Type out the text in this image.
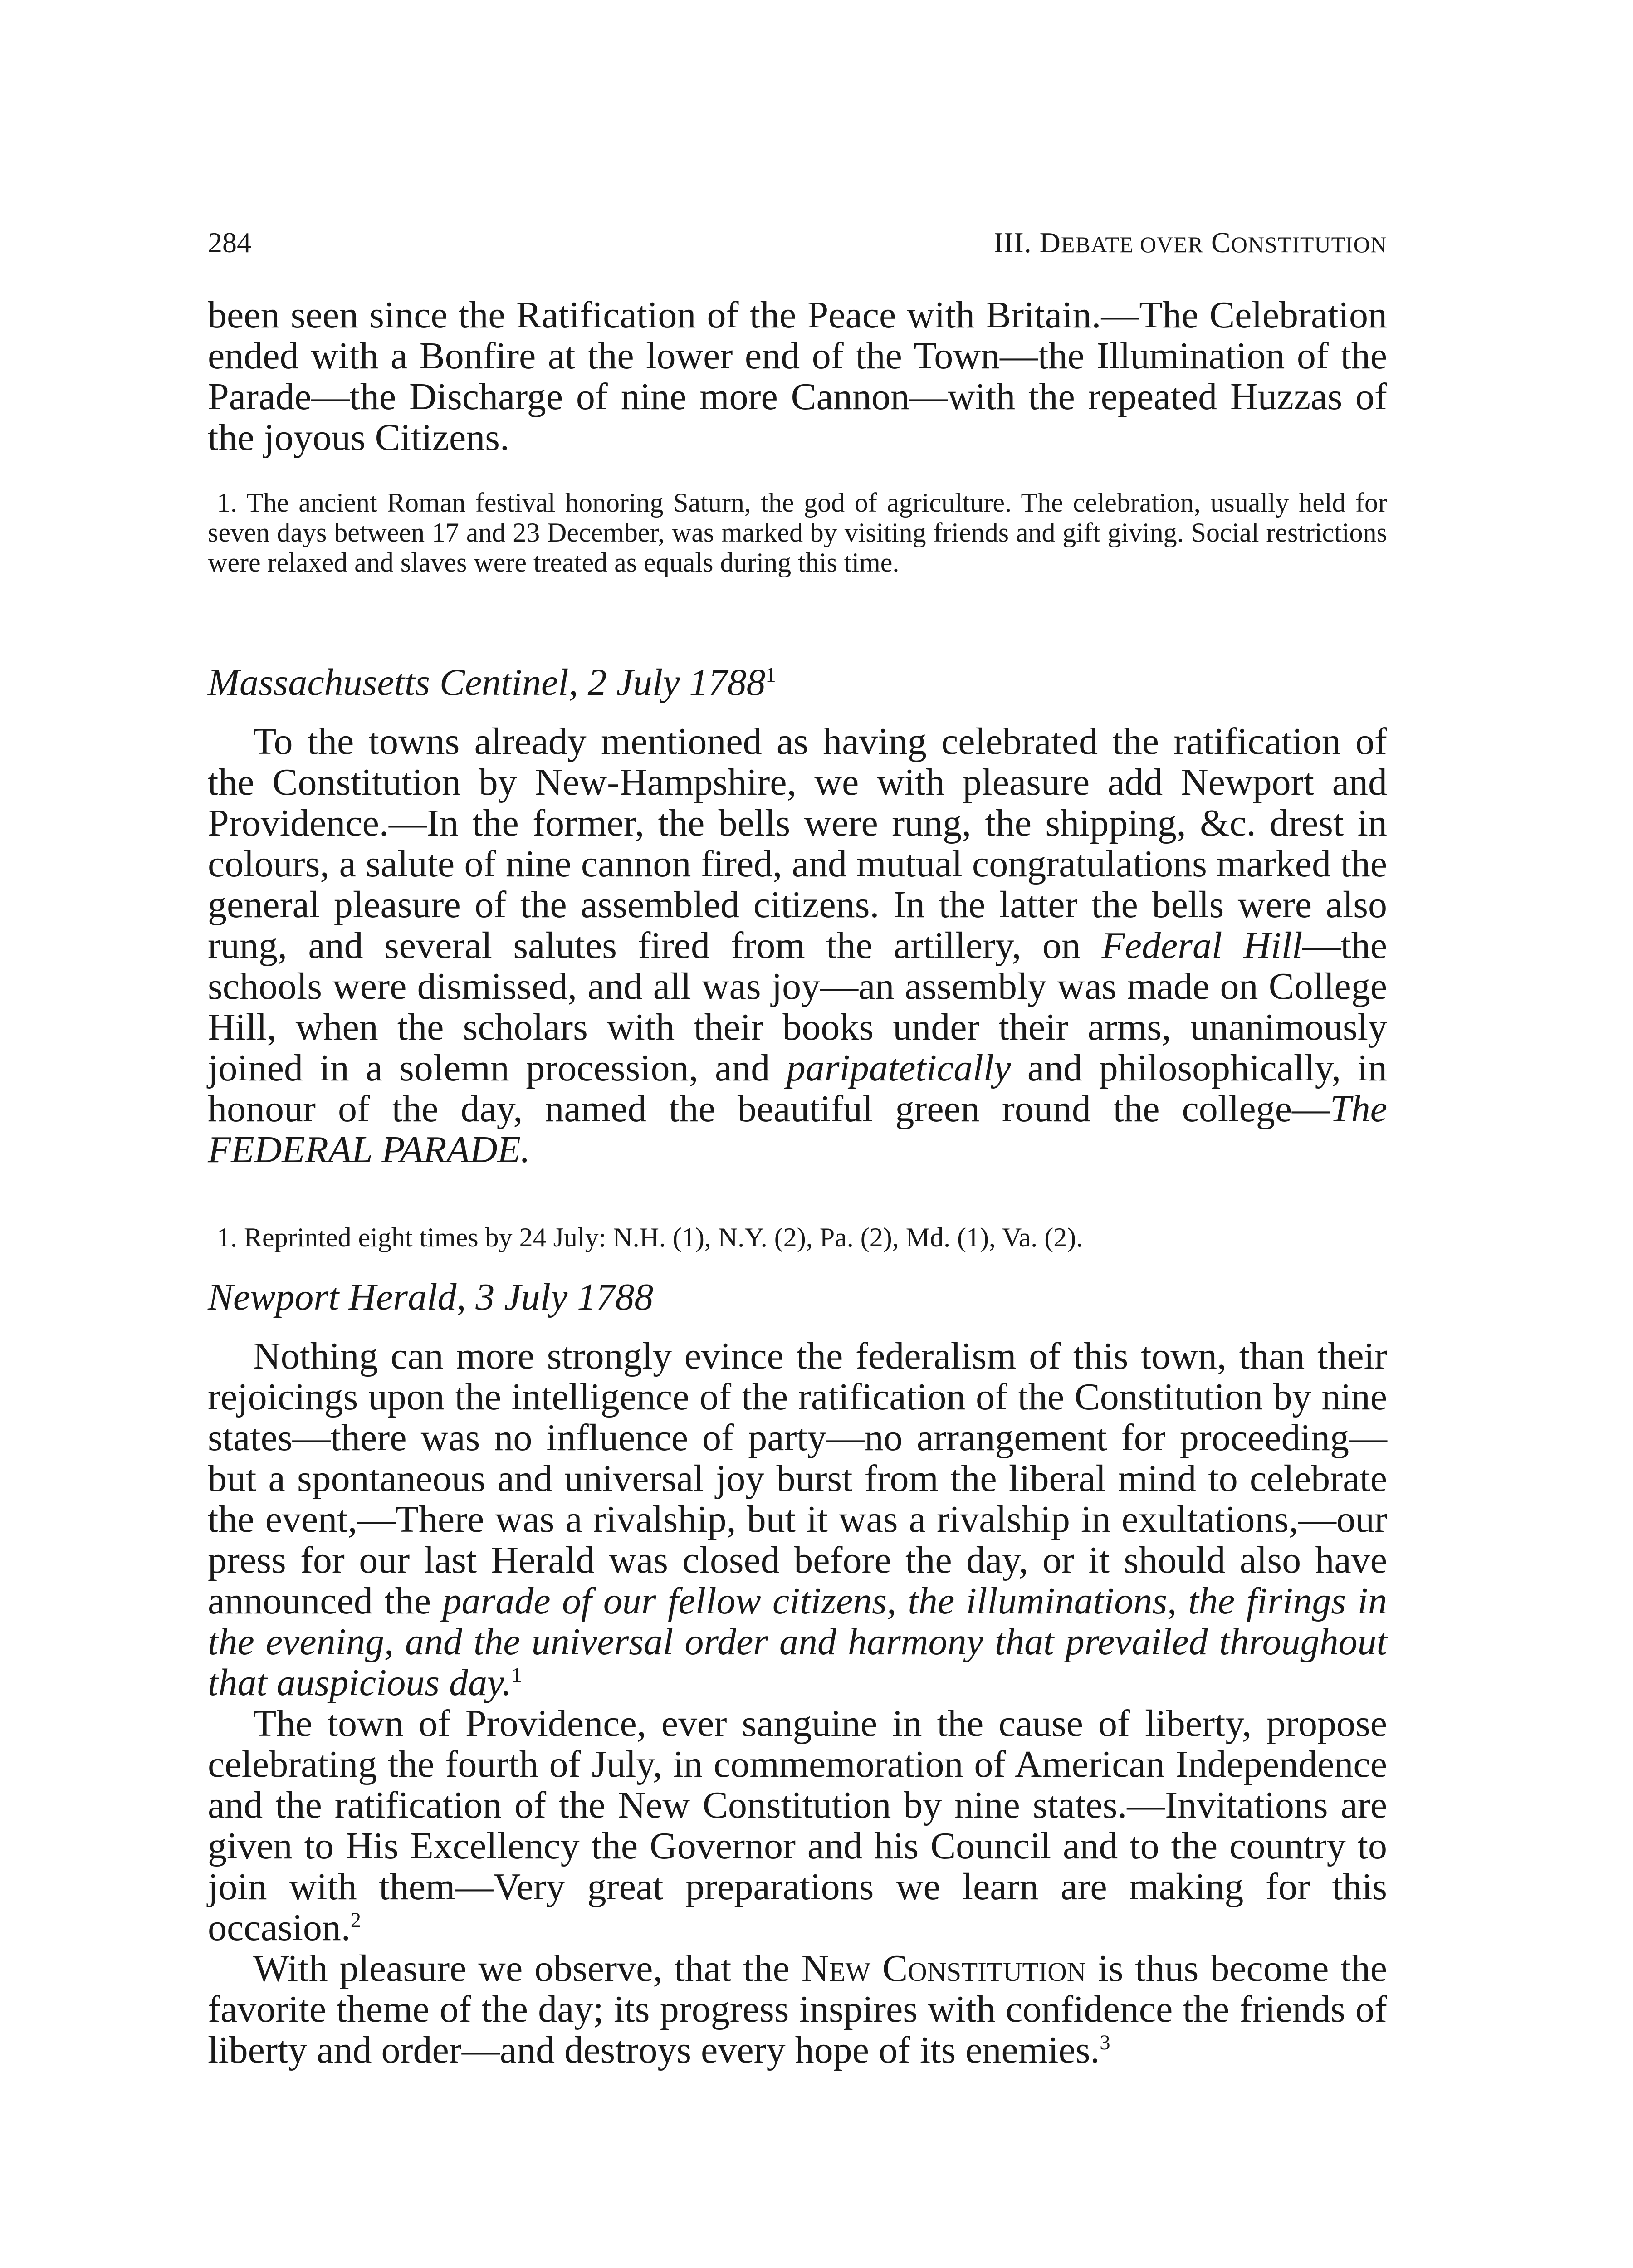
284	III. DEBATE OVER CONSTITUTION

been seen since the Ratification of the Peace with Britain.—The Celebration ended with a Bonfire at the lower end of the Town—the Illumination of the Parade—the Discharge of nine more Cannon—with the repeated Huzzas of the joyous Citizens.

1. The ancient Roman festival honoring Saturn, the god of agriculture. The celebration, usually held for seven days between 17 and 23 December, was marked by visiting friends and gift giving. Social restrictions were relaxed and slaves were treated as equals during this time.

Massachusetts Centinel, 2 July 1788$^1$

To the towns already mentioned as having celebrated the ratification of the Constitution by New-Hampshire, we with pleasure add Newport and Providence.—In the former, the bells were rung, the shipping, &c. drest in colours, a salute of nine cannon fired, and mutual congratulations marked the general pleasure of the assembled citizens. In the latter the bells were also rung, and several salutes fired from the artillery, on Federal Hill—the schools were dismissed, and all was joy—an assembly was made on College Hill, when the scholars with their books under their arms, unanimously joined in a solemn procession, and paripatetically and philosophically, in honour of the day, named the beautiful green round the college—The FEDERAL PARADE.

1. Reprinted eight times by 24 July: N.H. (1), N.Y. (2), Pa. (2), Md. (1), Va. (2).

Newport Herald, 3 July 1788

Nothing can more strongly evince the federalism of this town, than their rejoicings upon the intelligence of the ratification of the Constitution by nine states—there was no influence of party—no arrangement for proceeding—but a spontaneous and universal joy burst from the liberal mind to celebrate the event,—There was a rivalship, but it was a rivalship in exultations,—our press for our last Herald was closed before the day, or it should also have announced the parade of our fellow citizens, the illuminations, the firings in the evening, and the universal order and harmony that prevailed throughout that auspicious day.$^1$

The town of Providence, ever sanguine in the cause of liberty, propose celebrating the fourth of July, in commemoration of American Independence and the ratification of the New Constitution by nine states.—Invitations are given to His Excellency the Governor and his Council and to the country to join with them—Very great preparations we learn are making for this occasion.$^2$

With pleasure we observe, that the New Constitution is thus become the favorite theme of the day; its progress inspires with confidence the friends of liberty and order—and destroys every hope of its enemies.$^3$
